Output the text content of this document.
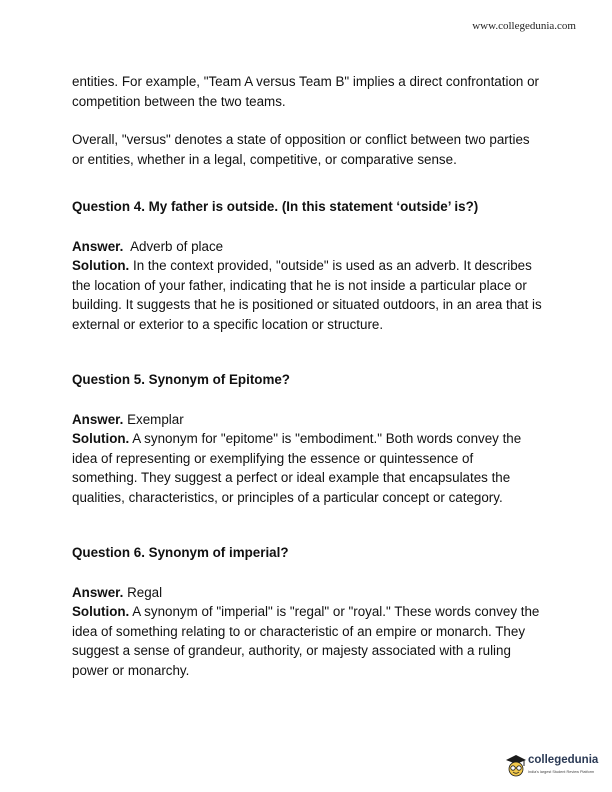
www.collegedunia.com

entities. For example, "Team A versus Team B" implies a direct confrontation or competition between the two teams.

Overall, "versus" denotes a state of opposition or conflict between two parties or entities, whether in a legal, competitive, or comparative sense.

Question 4. My father is outside. (In this statement ‘outside’ is?)

Answer. Adverb of place

Solution. In the context provided, "outside" is used as an adverb. It describes the location of your father, indicating that he is not inside a particular place or building. It suggests that he is positioned or situated outdoors, in an area that is external or exterior to a specific location or structure.

Question 5. Synonym of Epitome?

Answer. Exemplar

Solution. A synonym for "epitome" is "embodiment." Both words convey the idea of representing or exemplifying the essence or quintessence of something. They suggest a perfect or ideal example that encapsulates the qualities, characteristics, or principles of a particular concept or category.

Question 6. Synonym of imperial?

Answer. Regal

Solution. A synonym of "imperial" is "regal" or "royal." These words convey the idea of something relating to or characteristic of an empire or monarch. They suggest a sense of grandeur, authority, or majesty associated with a ruling power or monarchy.

collegedunia
India's largest Student Review Platform
